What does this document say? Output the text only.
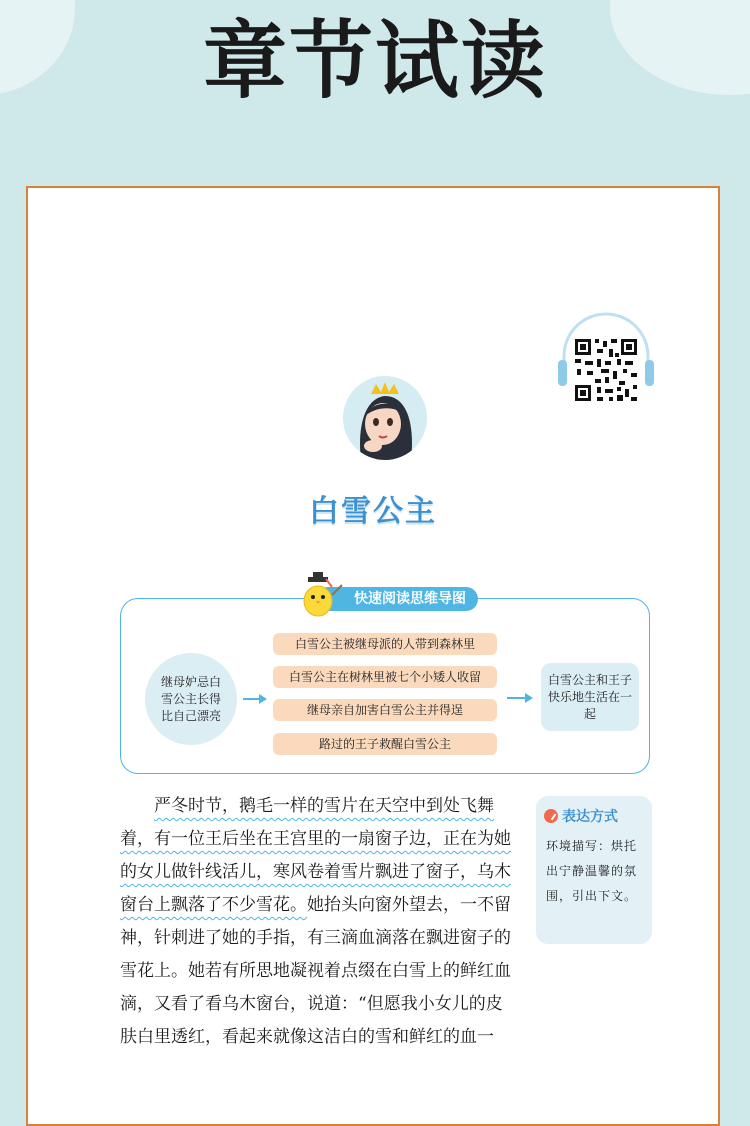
章节试读
白雪公主
快速阅读思维导图
继母妒忌白雪公主长得比自己漂亮
白雪公主被继母派的人带到森林里
白雪公主在树林里被七个小矮人收留
继母亲自加害白雪公主并得逞
路过的王子救醒白雪公主
白雪公主和王子快乐地生活在一起

严冬时节，鹅毛一样的雪片在天空中到处飞舞着，有一位王后坐在王宫里的一扇窗子边，正在为她的女儿做针线活儿，寒风卷着雪片飘进了窗子，乌木窗台上飘落了不少雪花。她抬头向窗外望去，一不留神，针刺进了她的手指，有三滴血滴落在飘进窗子的雪花上。她若有所思地凝视着点缀在白雪上的鲜红血滴，又看了看乌木窗台，说道：“但愿我小女儿的皮肤白里透红，看起来就像这洁白的雪和鲜红的血一

表达方式
环境描写：烘托出宁静温馨的氛围，引出下文。
